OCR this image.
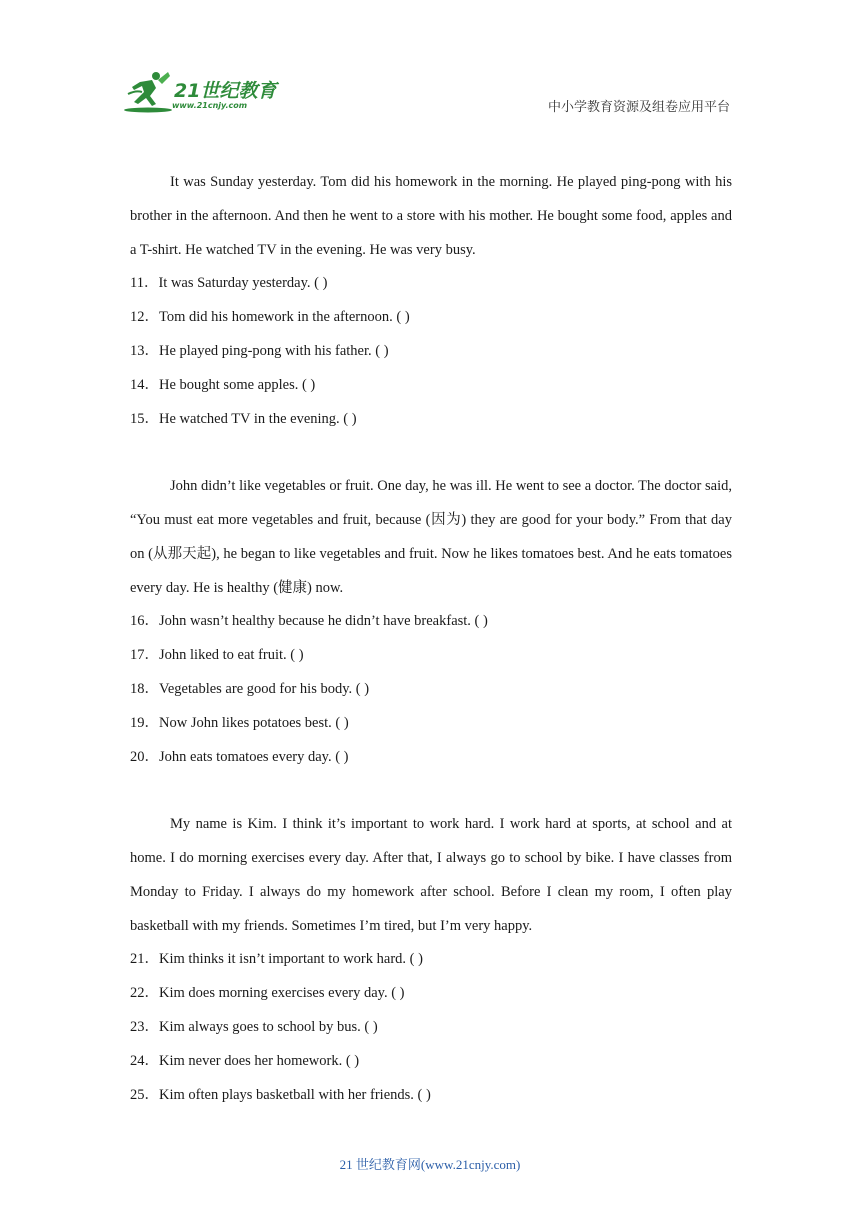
21世纪教育
www.21cnjy.com	中小学教育资源及组卷应用平台

It was Sunday yesterday. Tom did his homework in the morning. He played ping-pong with his brother in the afternoon. And then he went to a store with his mother. He bought some food, apples and a T-shirt. He watched TV in the evening. He was very busy.

11．It was Saturday yesterday. ( )

12．Tom did his homework in the afternoon. ( )

13．He played ping-pong with his father. ( )

14．He bought some apples. ( )

15．He watched TV in the evening. ( )

John didn’t like vegetables or fruit. One day, he was ill. He went to see a doctor. The doctor said, “You must eat more vegetables and fruit, because (因为) they are good for your body.” From that day on (从那天起), he began to like vegetables and fruit. Now he likes tomatoes best. And he eats tomatoes every day. He is healthy (健康) now.

16．John wasn’t healthy because he didn’t have breakfast. ( )

17．John liked to eat fruit. ( )

18．Vegetables are good for his body. ( )

19．Now John likes potatoes best. ( )

20．John eats tomatoes every day. ( )

My name is Kim. I think it’s important to work hard. I work hard at sports, at school and at home. I do morning exercises every day. After that, I always go to school by bike. I have classes from Monday to Friday. I always do my homework after school. Before I clean my room, I often play basketball with my friends. Sometimes I’m tired, but I’m very happy.

21．Kim thinks it isn’t important to work hard. ( )

22．Kim does morning exercises every day. ( )

23．Kim always goes to school by bus. ( )

24．Kim never does her homework. ( )

25．Kim often plays basketball with her friends. ( )

21 世纪教育网(www.21cnjy.com)
